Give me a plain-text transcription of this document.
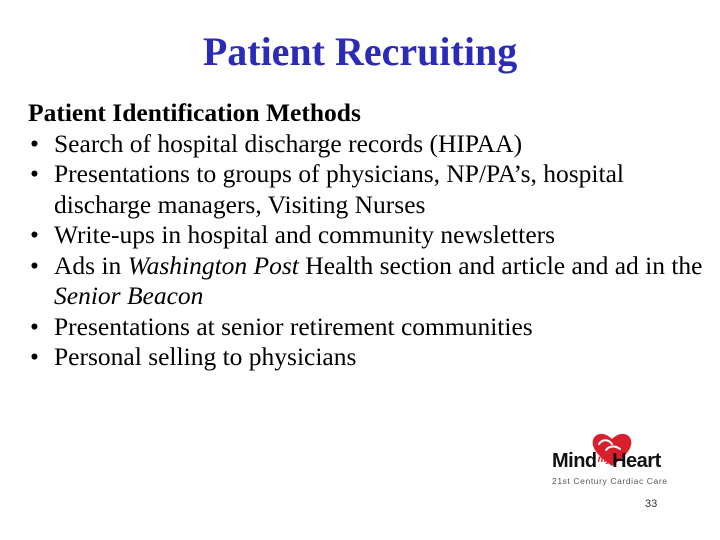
Patient Recruiting
Patient Identification Methods
• Search of hospital discharge records (HIPAA)
• Presentations to groups of physicians, NP/PA’s, hospital discharge managers, Visiting Nurses
• Write-ups in hospital and community newsletters
• Ads in Washington Post Health section and article and ad in the Senior Beacon
• Presentations at senior retirement communities
• Personal selling to physicians
Mind$^{my}$Heart
21st Century Cardiac Care
33
